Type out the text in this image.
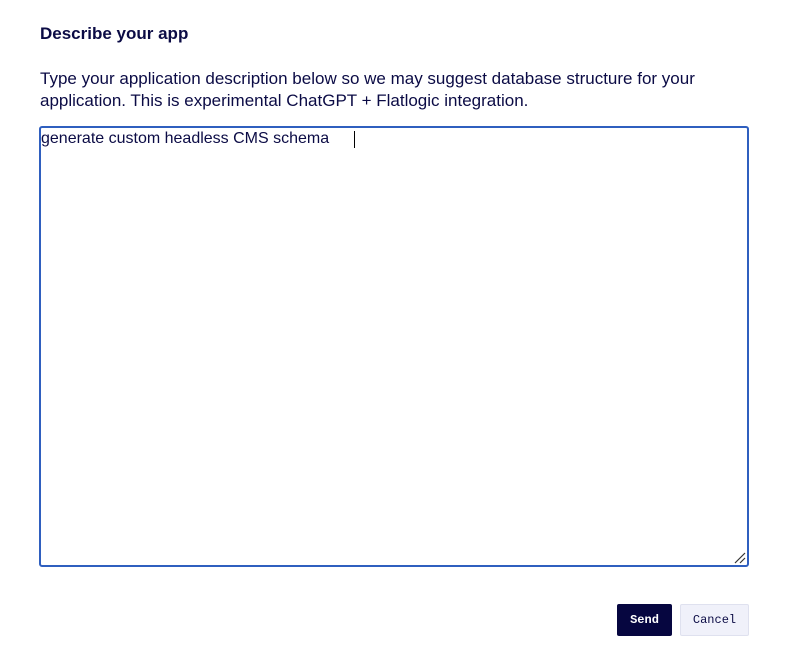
Describe your app

Type your application description below so we may suggest database structure for your application. This is experimental ChatGPT + Flatlogic integration.

generate custom headless CMS schema
Send	Cancel
